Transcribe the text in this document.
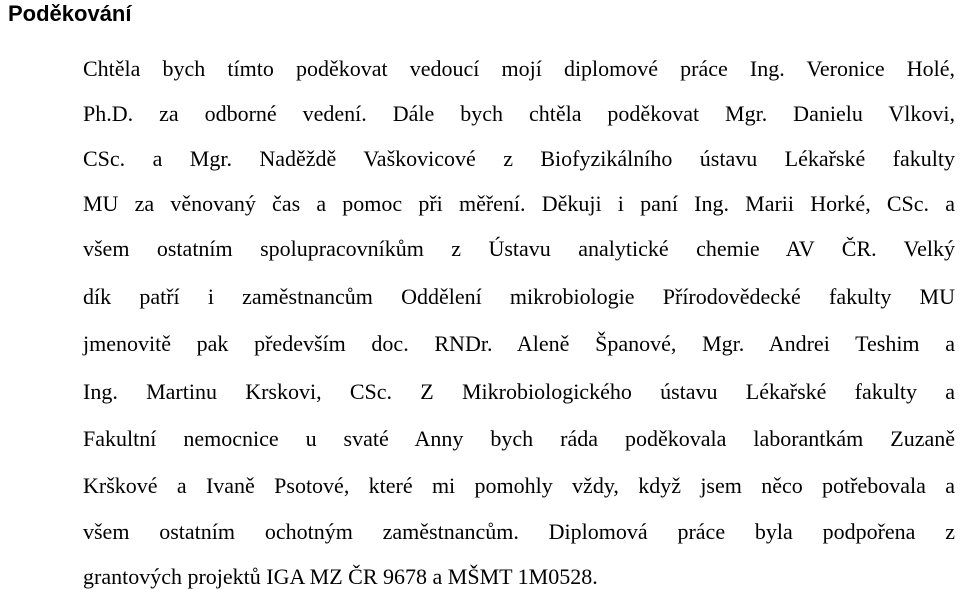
Poděkování
Chtěla bych tímto poděkovat vedoucí mojí diplomové práce Ing. Veronice Holé,
Ph.D. za odborné vedení. Dále bych chtěla poděkovat Mgr. Danielu Vlkovi,
CSc. a Mgr. Naděždě Vaškovicové z Biofyzikálního ústavu Lékařské fakulty
MU za věnovaný čas a pomoc při měření. Děkuji i paní Ing. Marii Horké, CSc. a
všem ostatním spolupracovníkům z Ústavu analytické chemie AV ČR. Velký
dík patří i zaměstnancům Oddělení mikrobiologie Přírodovědecké fakulty MU
jmenovitě pak především doc. RNDr. Aleně Španové, Mgr. Andrei Teshim a
Ing. Martinu Krskovi, CSc. Z Mikrobiologického ústavu Lékařské fakulty a
Fakultní nemocnice u svaté Anny bych ráda poděkovala laborantkám Zuzaně
Krškové a Ivaně Psotové, které mi pomohly vždy, když jsem něco potřebovala a
všem ostatním ochotným zaměstnancům. Diplomová práce byla podpořena z
grantových projektů IGA MZ ČR 9678 a MŠMT 1M0528.
